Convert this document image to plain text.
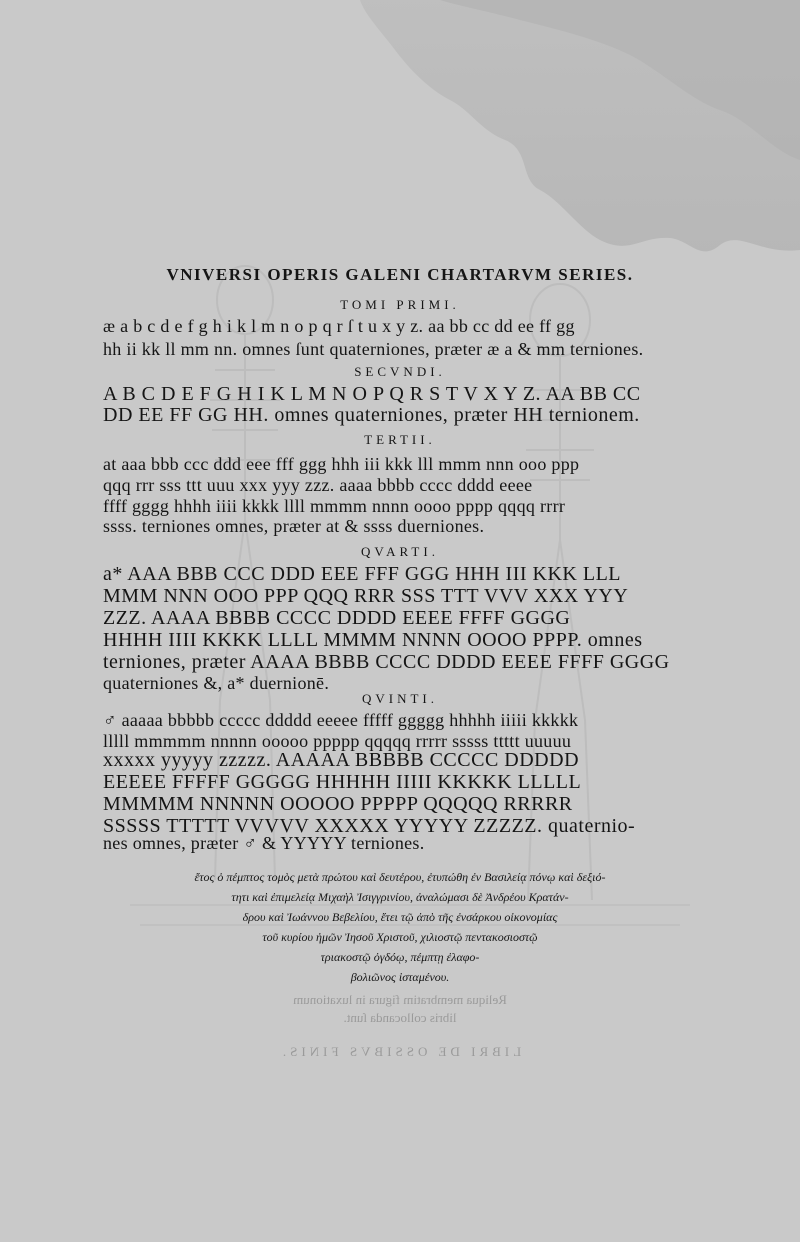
VNIVERSI OPERIS GALENI CHARTARVM SERIES.
TOMI PRIMI.
æ a b c d e f g h i k l m n o p q r ſ t u x y z. aa bb cc dd ee ff gg
hh ii kk ll mm nn. omnes ſunt quaterniones, præter æ a & mm terniones.
SECVNDI.
A B C D E F G H I K L M N O P Q R S T V X Y Z. AA BB CC
DD EE FF GG HH. omnes quaterniones, præter HH ternionem.
TERTII.
at aaa bbb ccc ddd eee fff ggg hhh iii kkk lll mmm nnn ooo ppp
qqq rrr sss ttt uuu xxx yyy zzz. aaaa bbbb cccc dddd eeee
ffff gggg hhhh iiii kkkk llll mmmm nnnn oooo pppp qqqq rrrr
ssss. terniones omnes, præter at & ssss duerniones.
QVARTI.
a* AAA BBB CCC DDD EEE FFF GGG HHH III KKK LLL
MMM NNN OOO PPP QQQ RRR SSS TTT VVV XXX YYY
ZZZ. AAAA BBBB CCCC DDDD EEEE FFFF GGGG
HHHH IIII KKKK LLLL MMMM NNNN OOOO PPPP. omnes
terniones, præter AAAA BBBB CCCC DDDD EEEE FFFF GGGG
quaterniones &, a* duernionē.
QVINTI.
♂ aaaaa bbbbb ccccc ddddd eeeee fffff ggggg hhhhh iiiii kkkkk
lllll mmmmm nnnnn ooooo ppppp qqqqq rrrrr sssss ttttt uuuuu
xxxxx yyyyy zzzzz. AAAAA BBBBB CCCCC DDDDD
EEEEE FFFFF GGGGG HHHHH IIIII KKKKK LLLLL
MMMMM NNNNN OOOOO PPPPP QQQQQ RRRRR
SSSSS TTTTT VVVVV XXXXX YYYYY ZZZZZ. quaternio-
nes omnes, præter ♂ & YYYYY terniones.
ἔτος ὁ πέμπτος τομὸς μετὰ πρώτου καὶ δευτέρου, ἐτυπώθη ἐν Βασιλείᾳ πόνῳ καὶ δεξιό-
τητι καὶ ἐπιμελείᾳ Μιχαὴλ Ἰσιγγρινίου, ἀναλώμασι δὲ Ἀνδρέου Κρατάν-
δρου καὶ Ἰωάννου Βεβελίου, ἔτει τῷ ἀπὸ τῆς ἐνσάρκου οἰκονομίας
τοῦ κυρίου ἡμῶν Ἰησοῦ Χριστοῦ, χιλιοστῷ πεντακοσιοστῷ
τριακοστῷ ὀγδόῳ, πέμπτῃ ἐλαφο-
βολιῶνος ἱσταμένου.
Reliqua membratim figura in luxationum
libris collocanda ſunt.
LIBRI DE OSSIBVS FINIS.
